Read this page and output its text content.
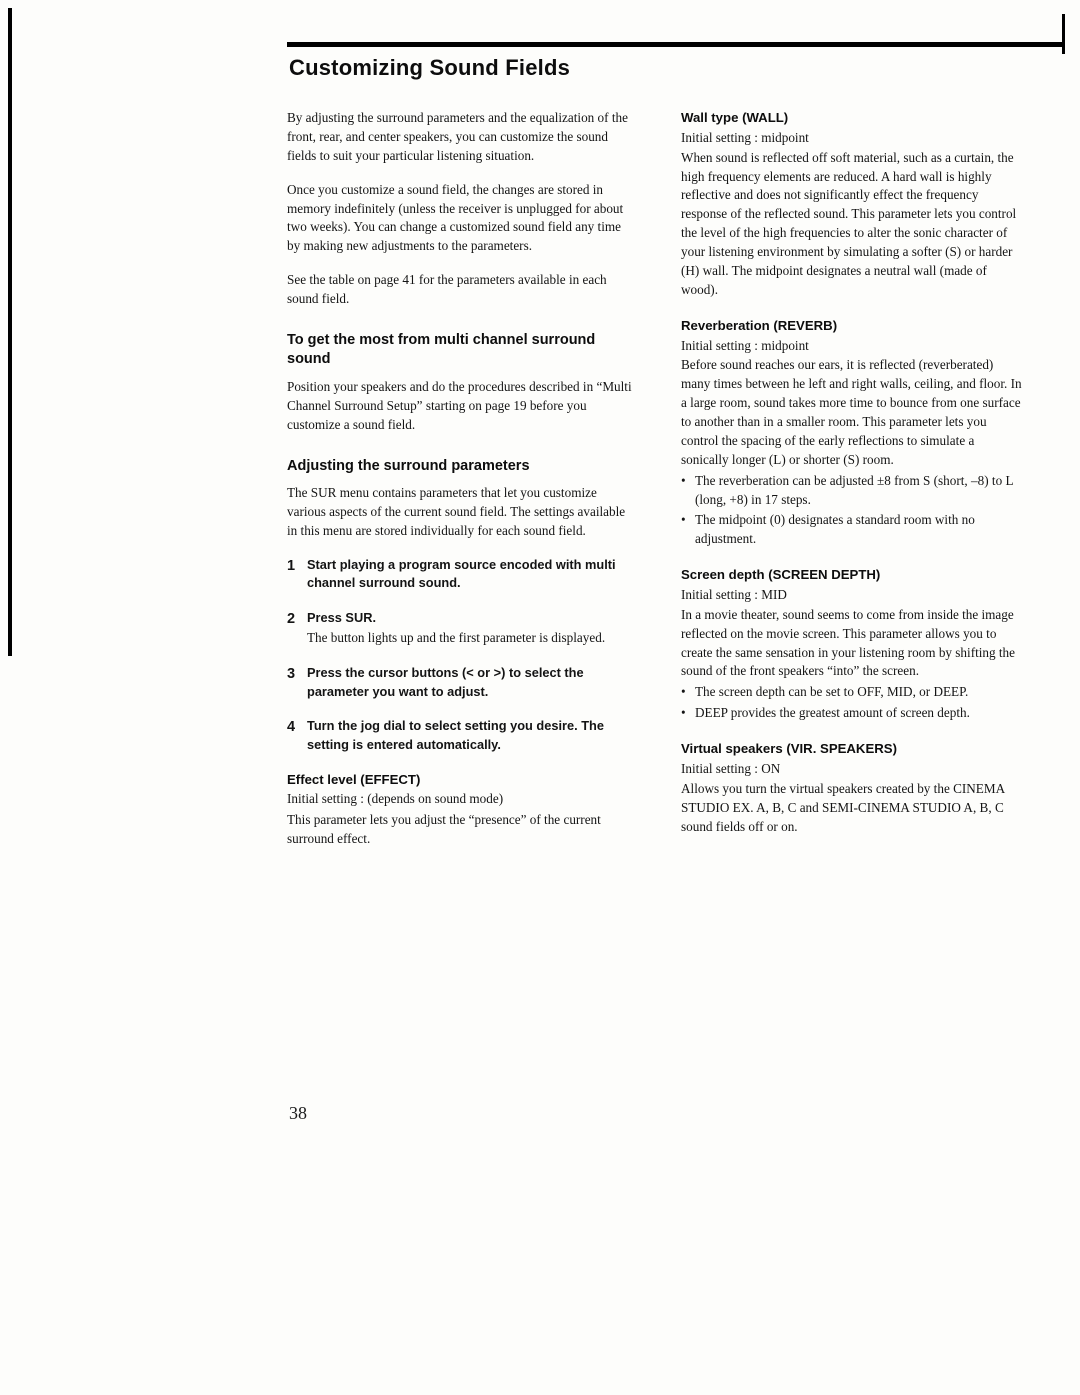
Customizing Sound Fields

By adjusting the surround parameters and the equalization of the front, rear, and center speakers, you can customize the sound fields to suit your particular listening situation.

Once you customize a sound field, the changes are stored in memory indefinitely (unless the receiver is unplugged for about two weeks). You can change a customized sound field any time by making new adjustments to the parameters.

See the table on page 41 for the parameters available in each sound field.

To get the most from multi channel surround sound

Position your speakers and do the procedures described in “Multi Channel Surround Setup” starting on page 19 before you customize a sound field.

Adjusting the surround parameters

The SUR menu contains parameters that let you customize various aspects of the current sound field. The settings available in this menu are stored individually for each sound field.

1 Start playing a program source encoded with multi channel surround sound.
2 Press SUR.
The button lights up and the first parameter is displayed.
3 Press the cursor buttons (< or >) to select the parameter you want to adjust.
4 Turn the jog dial to select setting you desire. The setting is entered automatically.
Effect level (EFFECT)

Initial setting : (depends on sound mode)

This parameter lets you adjust the “presence” of the current surround effect.

Wall type (WALL)

Initial setting : midpoint

When sound is reflected off soft material, such as a curtain, the high frequency elements are reduced. A hard wall is highly reflective and does not significantly effect the frequency response of the reflected sound. This parameter lets you control the level of the high frequencies to alter the sonic character of your listening environment by simulating a softer (S) or harder (H) wall. The midpoint designates a neutral wall (made of wood).

Reverberation (REVERB)

Initial setting : midpoint

Before sound reaches our ears, it is reflected (reverberated) many times between he left and right walls, ceiling, and floor. In a large room, sound takes more time to bounce from one surface to another than in a smaller room. This parameter lets you control the spacing of the early reflections to simulate a sonically longer (L) or shorter (S) room.

• The reverberation can be adjusted ±8 from S (short, –8) to L (long, +8) in 17 steps.
• The midpoint (0) designates a standard room with no adjustment.
Screen depth (SCREEN DEPTH)

Initial setting : MID

In a movie theater, sound seems to come from inside the image reflected on the movie screen. This parameter allows you to create the same sensation in your listening room by shifting the sound of the front speakers “into” the screen.

• The screen depth can be set to OFF, MID, or DEEP.
• DEEP provides the greatest amount of screen depth.
Virtual speakers (VIR. SPEAKERS)

Initial setting : ON

Allows you turn the virtual speakers created by the CINEMA STUDIO EX. A, B, C and SEMI-CINEMA STUDIO A, B, C sound fields off or on.

38
